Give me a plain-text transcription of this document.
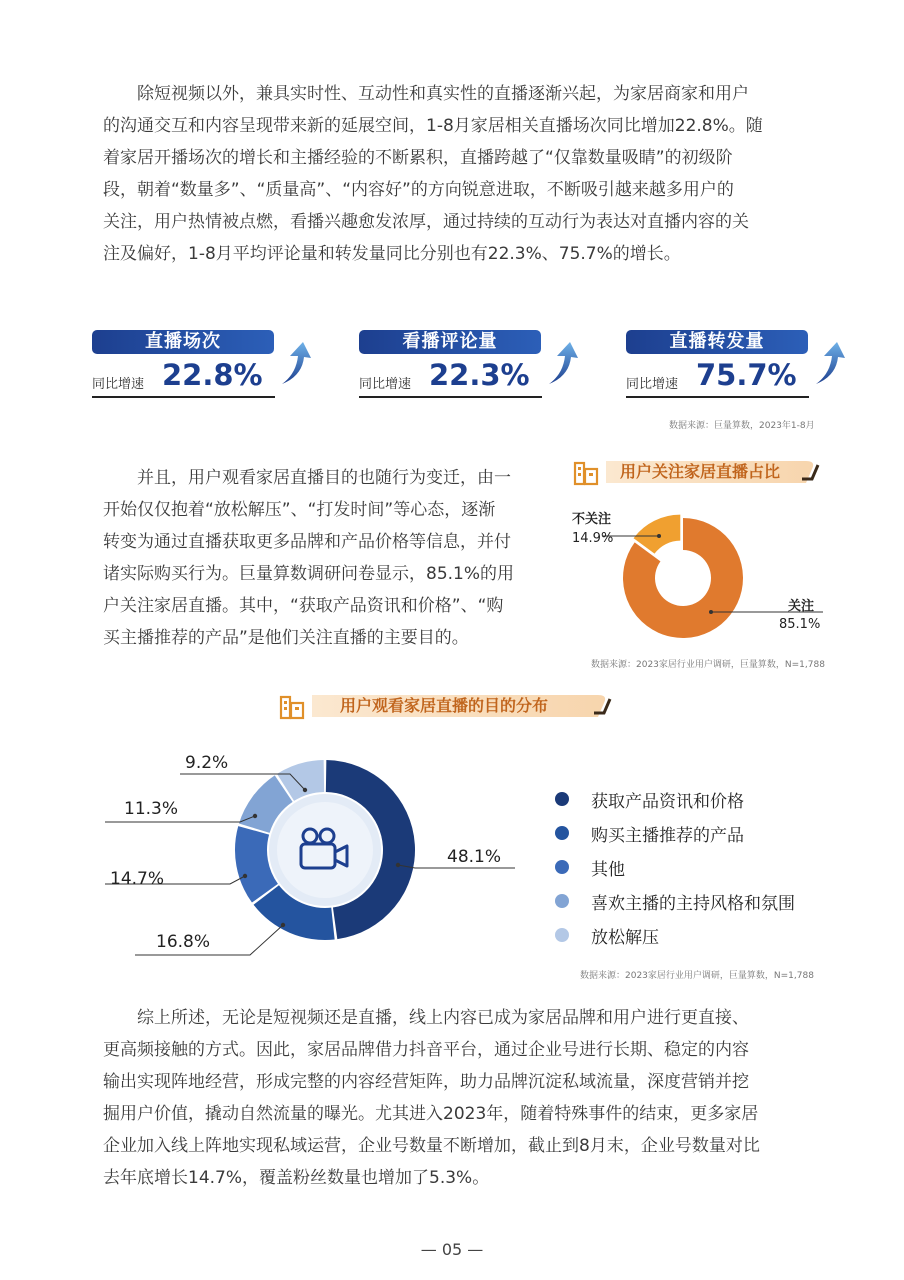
除短视频以外，兼具实时性、互动性和真实性的直播逐渐兴起，为家居商家和用户
的沟通交互和内容呈现带来新的延展空间，1-8月家居相关直播场次同比增加22.8%。随
着家居开播场次的增长和主播经验的不断累积，直播跨越了“仅靠数量吸睛”的初级阶
段，朝着“数量多”、“质量高”、“内容好”的方向锐意进取，不断吸引越来越多用户的
关注，用户热情被点燃，看播兴趣愈发浓厚，通过持续的互动行为表达对直播内容的关
注及偏好，1-8月平均评论量和转发量同比分别也有22.3%、75.7%的增长。
直播场次
同比增速 22.8%
看播评论量
同比增速 22.3%
直播转发量
同比增速 75.7%
数据来源：巨量算数，2023年1-8月
并且，用户观看家居直播目的也随行为变迁，由一
开始仅仅抱着“放松解压”、“打发时间”等心态，逐渐
转变为通过直播获取更多品牌和产品价格等信息，并付
诸实际购买行为。巨量算数调研问卷显示，85.1%的用
户关注家居直播。其中，“获取产品资讯和价格”、“购
买主播推荐的产品”是他们关注直播的主要目的。
用户关注家居直播占比
不关注
14.9%
关注
85.1%
数据来源：2023家居行业用户调研，巨量算数，N=1,788
用户观看家居直播的目的分布
9.2%
11.3%
14.7%
16.8%
48.1%
获取产品资讯和价格
购买主播推荐的产品
其他
喜欢主播的主持风格和氛围
放松解压
数据来源：2023家居行业用户调研，巨量算数，N=1,788
综上所述，无论是短视频还是直播，线上内容已成为家居品牌和用户进行更直接、
更高频接触的方式。因此，家居品牌借力抖音平台，通过企业号进行长期、稳定的内容
输出实现阵地经营，形成完整的内容经营矩阵，助力品牌沉淀私域流量，深度营销并挖
掘用户价值，撬动自然流量的曝光。尤其进入2023年，随着特殊事件的结束，更多家居
企业加入线上阵地实现私域运营，企业号数量不断增加，截止到8月末，企业号数量对比
去年底增长14.7%，覆盖粉丝数量也增加了5.3%。
— 05 —
